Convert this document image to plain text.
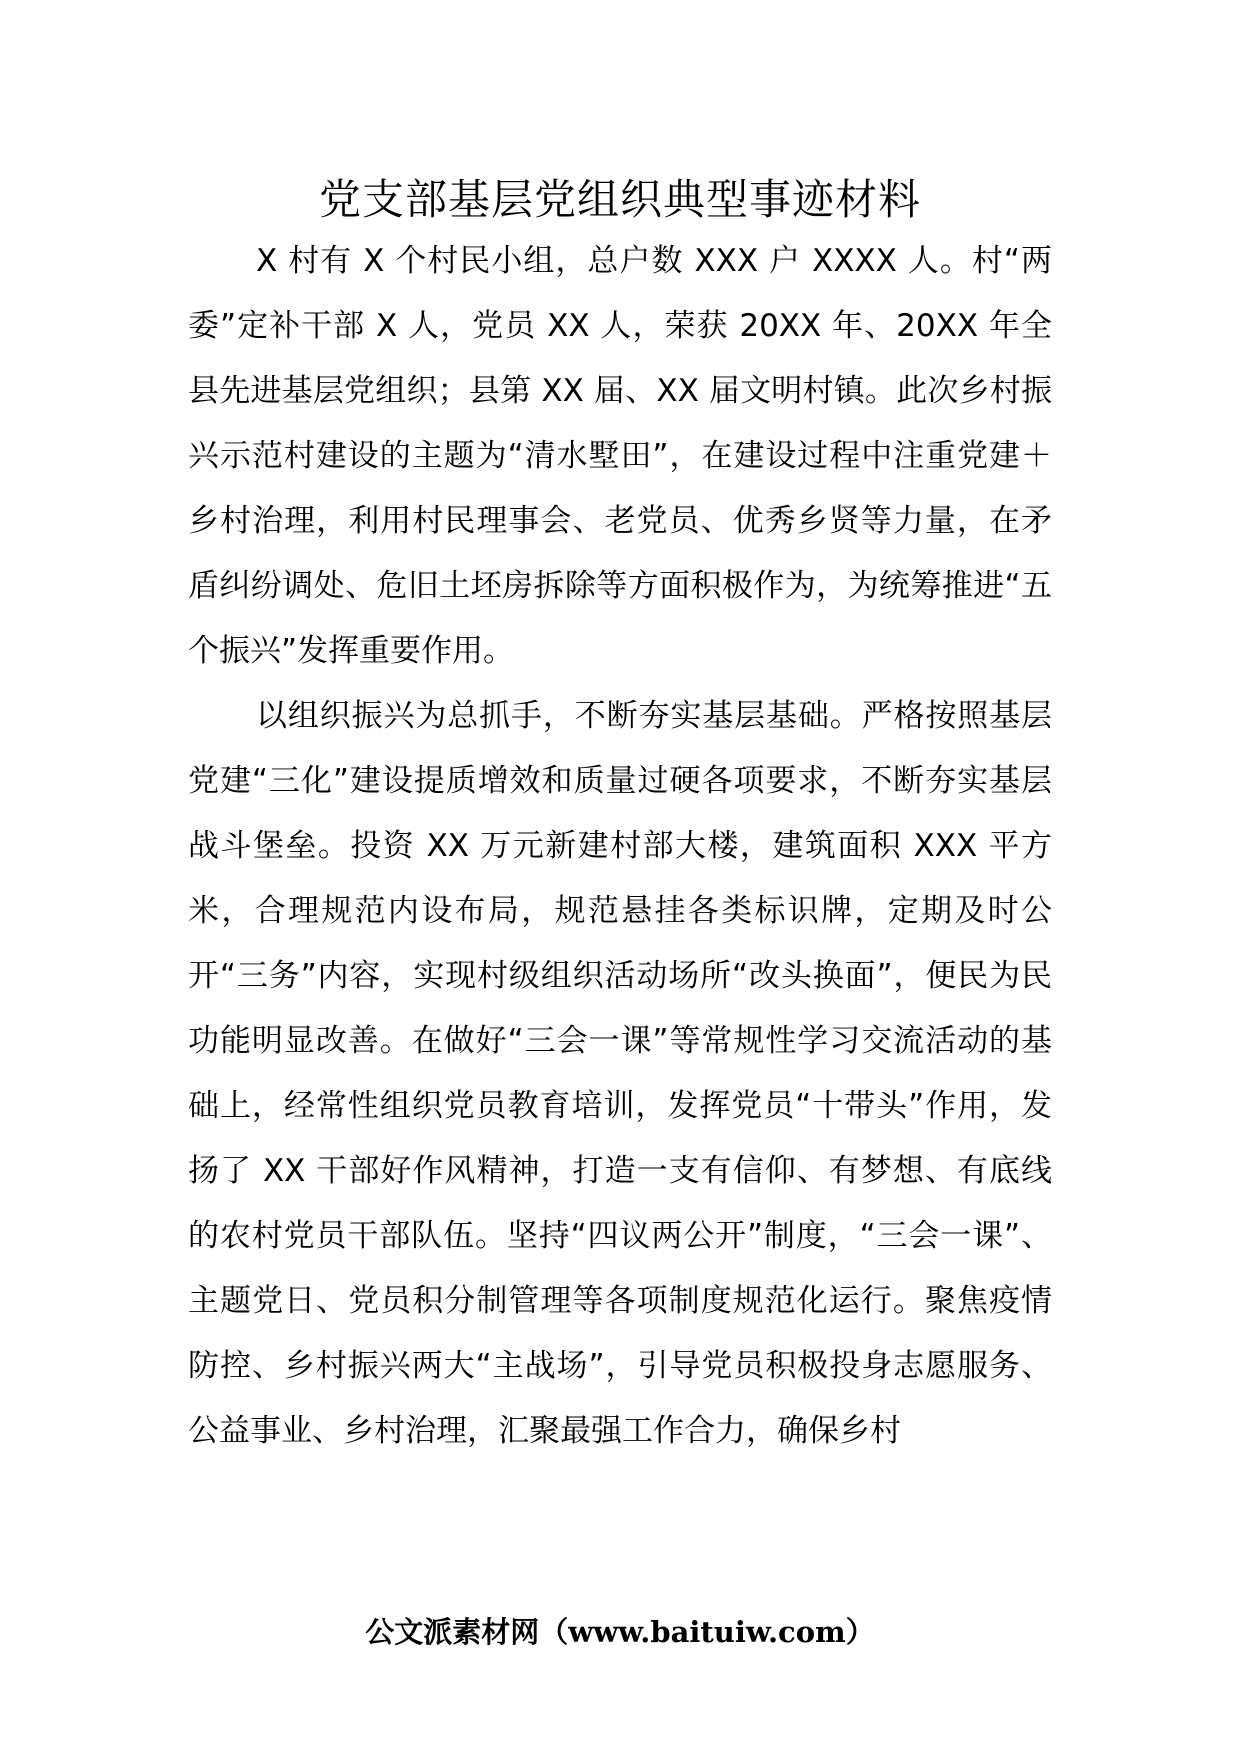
党支部基层党组织典型事迹材料

X 村有 X 个村民小组，总户数 XXX 户 XXXX 人。村“两委”定补干部 X 人，党员 XX 人，荣获 20XX 年、20XX 年全县先进基层党组织；县第 XX 届、XX 届文明村镇。此次乡村振兴示范村建设的主题为“清水墅田”，在建设过程中注重党建＋乡村治理，利用村民理事会、老党员、优秀乡贤等力量，在矛盾纠纷调处、危旧土坯房拆除等方面积极作为，为统筹推进“五个振兴”发挥重要作用。

以组织振兴为总抓手，不断夯实基层基础。严格按照基层党建“三化”建设提质增效和质量过硬各项要求，不断夯实基层战斗堡垒。投资 XX 万元新建村部大楼，建筑面积 XXX 平方米，合理规范内设布局，规范悬挂各类标识牌，定期及时公开“三务”内容，实现村级组织活动场所“改头换面”，便民为民功能明显改善。在做好“三会一课”等常规性学习交流活动的基础上，经常性组织党员教育培训，发挥党员“十带头”作用，发扬了 XX 干部好作风精神，打造一支有信仰、有梦想、有底线的农村党员干部队伍。坚持“四议两公开”制度，“三会一课”、主题党日、党员积分制管理等各项制度规范化运行。聚焦疫情防控、乡村振兴两大“主战场”，引导党员积极投身志愿服务、公益事业、乡村治理，汇聚最强工作合力，确保乡村

公文派素材网（www.baituiw.com）
